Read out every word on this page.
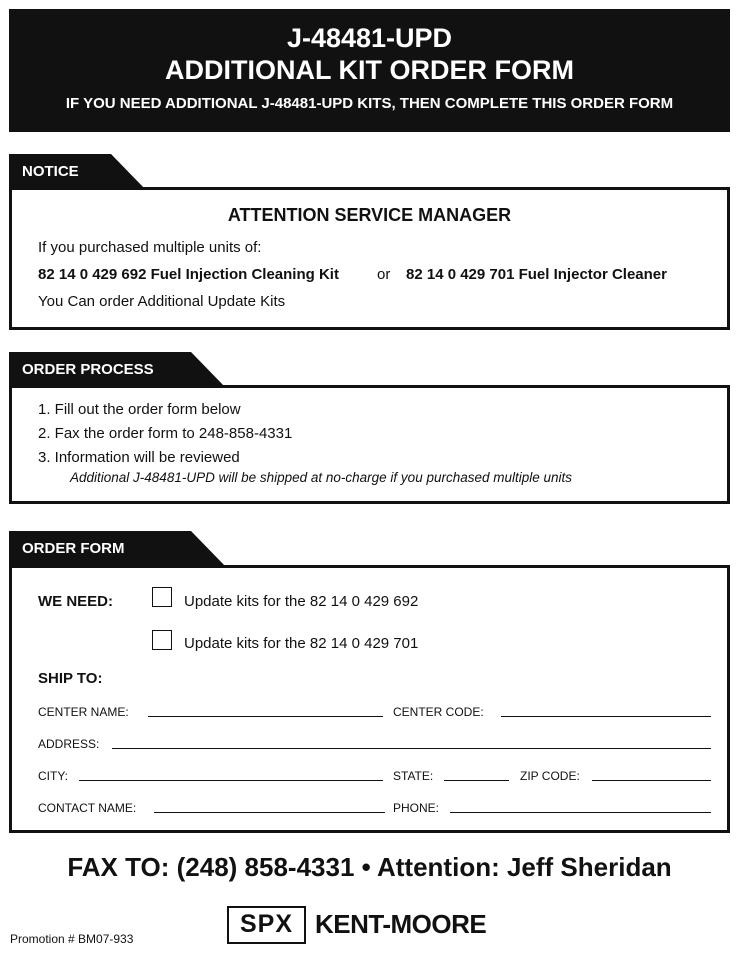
J-48481-UPD
ADDITIONAL KIT ORDER FORM
IF YOU NEED ADDITIONAL J-48481-UPD KITS, THEN COMPLETE THIS ORDER FORM
NOTICE
ATTENTION SERVICE MANAGER
If you purchased multiple units of:
82 14 0 429 692 Fuel Injection Cleaning Kit	or 82 14 0 429 701 Fuel Injector Cleaner
You Can order Additional Update Kits
ORDER PROCESS
1. Fill out the order form below
2. Fax the order form to 248-858-4331
3. Information will be reviewed
Additional J-48481-UPD will be shipped at no-charge if you purchased multiple units
ORDER FORM
WE NEED:	Update kits for the 82 14 0 429 692
Update kits for the 82 14 0 429 701
SHIP TO:
CENTER NAME:	CENTER CODE:
ADDRESS:
CITY:	STATE:	ZIP CODE:
CONTACT NAME:	PHONE:
FAX TO: (248) 858-4331 • Attention: Jeff Sheridan
Promotion # BM07-933
SPX KENT-MOORE
